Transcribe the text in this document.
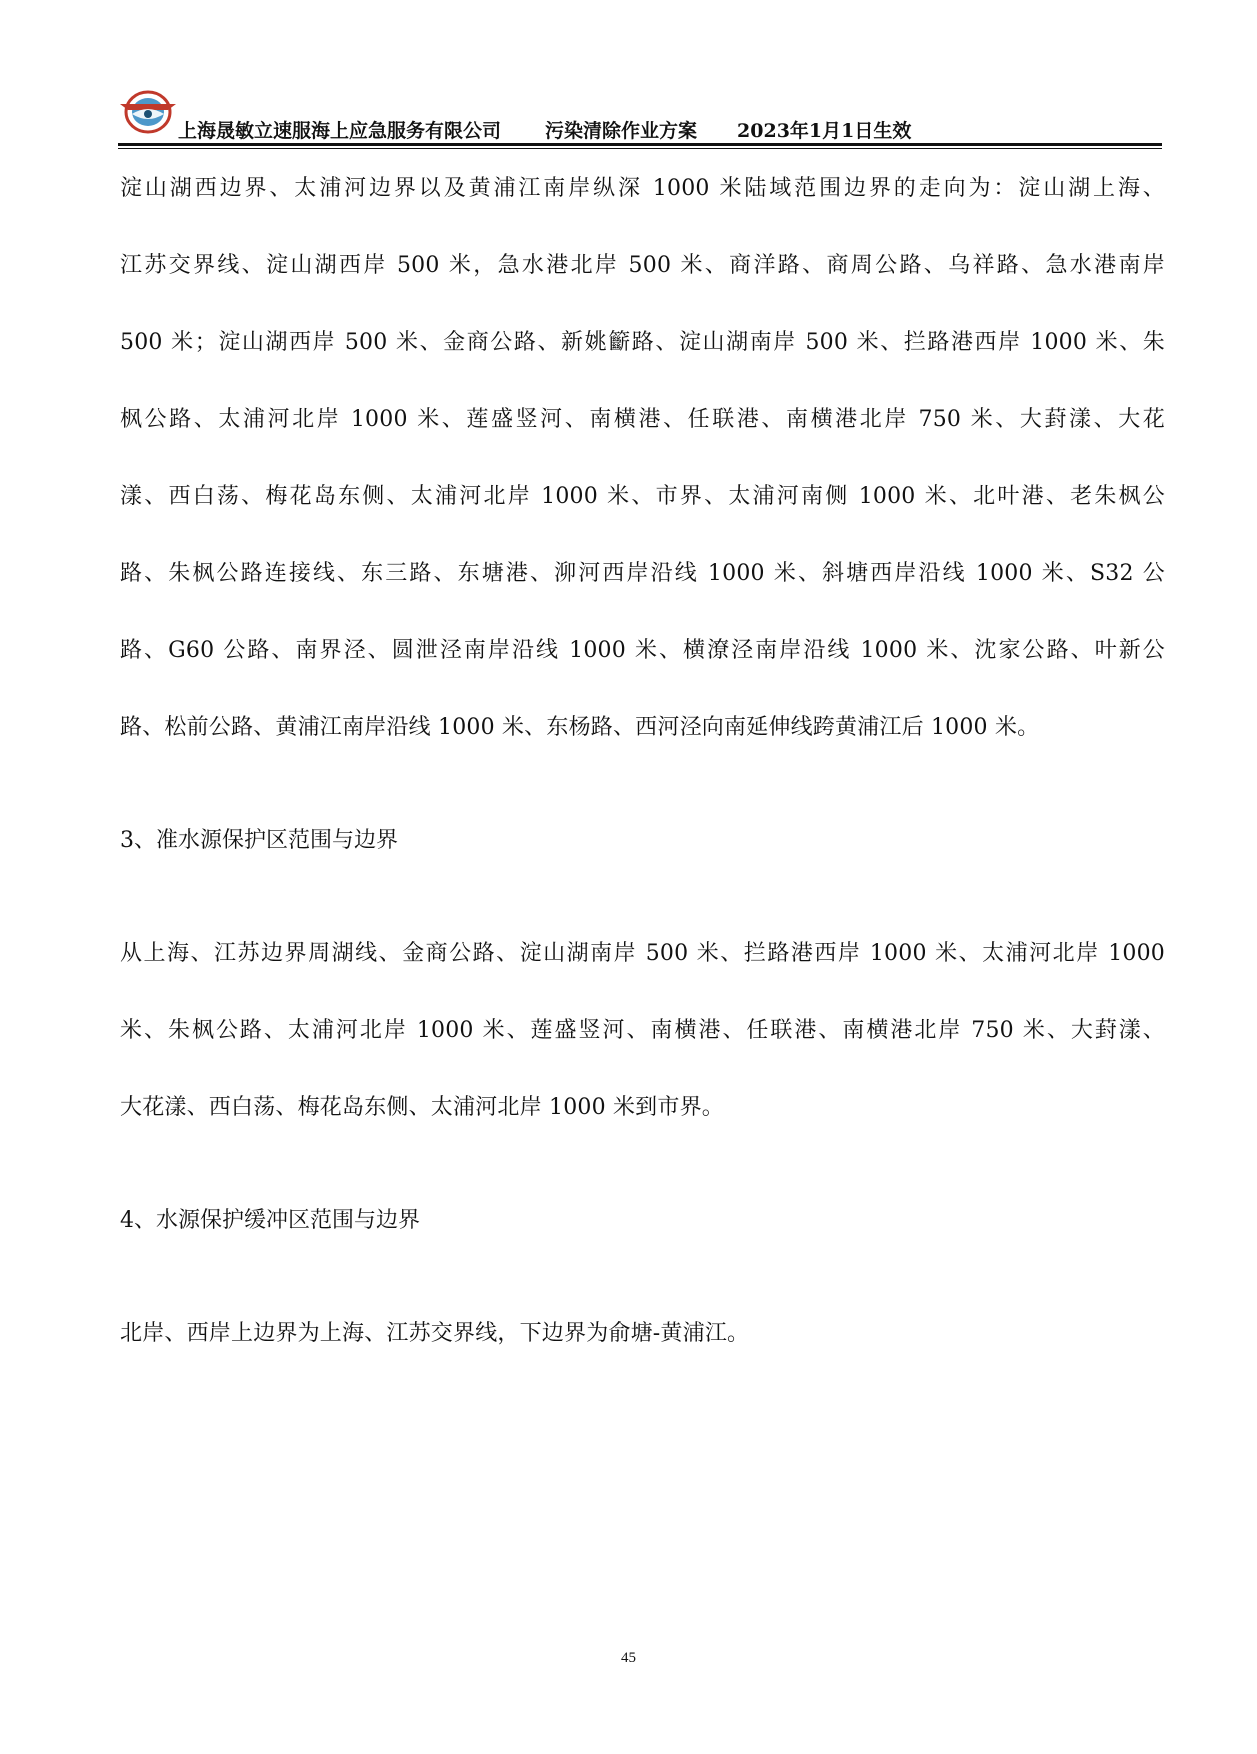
上海晟敏立速服海上应急服务有限公司 污染清除作业方案 2023年1月1日生效
淀山湖西边界、太浦河边界以及黄浦江南岸纵深 1000 米陆域范围边界的走向为：淀山湖上海、
江苏交界线、淀山湖西岸 500 米，急水港北岸 500 米、商洋路、商周公路、乌祥路、急水港南岸
500 米；淀山湖西岸 500 米、金商公路、新姚籪路、淀山湖南岸 500 米、拦路港西岸 1000 米、朱
枫公路、太浦河北岸 1000 米、莲盛竖河、南横港、任联港、南横港北岸 750 米、大葑漾、大花
漾、西白荡、梅花岛东侧、太浦河北岸 1000 米、市界、太浦河南侧 1000 米、北叶港、老朱枫公
路、朱枫公路连接线、东三路、东塘港、泖河西岸沿线 1000 米、斜塘西岸沿线 1000 米、S32 公
路、G60 公路、南界泾、圆泄泾南岸沿线 1000 米、横潦泾南岸沿线 1000 米、沈家公路、叶新公
路、松前公路、黄浦江南岸沿线 1000 米、东杨路、西河泾向南延伸线跨黄浦江后 1000 米。
3、准水源保护区范围与边界
从上海、江苏边界周湖线、金商公路、淀山湖南岸 500 米、拦路港西岸 1000 米、太浦河北岸 1000
米、朱枫公路、太浦河北岸 1000 米、莲盛竖河、南横港、任联港、南横港北岸 750 米、大葑漾、
大花漾、西白荡、梅花岛东侧、太浦河北岸 1000 米到市界。
4、水源保护缓冲区范围与边界
北岸、西岸上边界为上海、江苏交界线，下边界为俞塘-黄浦江。
45
